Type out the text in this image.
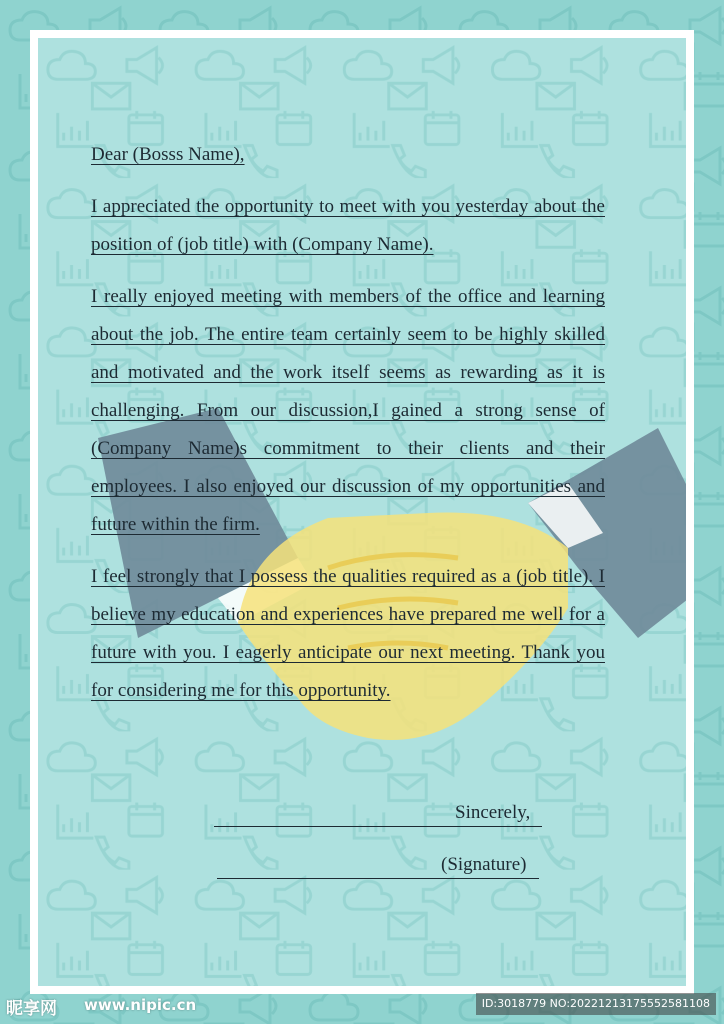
Dear (Bosss Name),

I appreciated the opportunity to meet with you yesterday about the position of (job title) with (Company Name).

I really enjoyed meeting with members of the office and learning about the job. The entire team certainly seem to be highly skilled and motivated and the work itself seems as rewarding as it is challenging. From our discussion,I gained a strong sense of (Company Name)s commitment to their clients and their employees. I also enjoyed our discussion of my opportunities and future within the firm.

I feel strongly that I possess the qualities required as a (job title). I believe my education and experiences have prepared me well for a future with you. I eagerly anticipate our next meeting. Thank you for considering me for this opportunity.

Sincerely,
(Signature)
昵享网 www.nipic.cn	ID:3018779 NO:20221213175552581108
